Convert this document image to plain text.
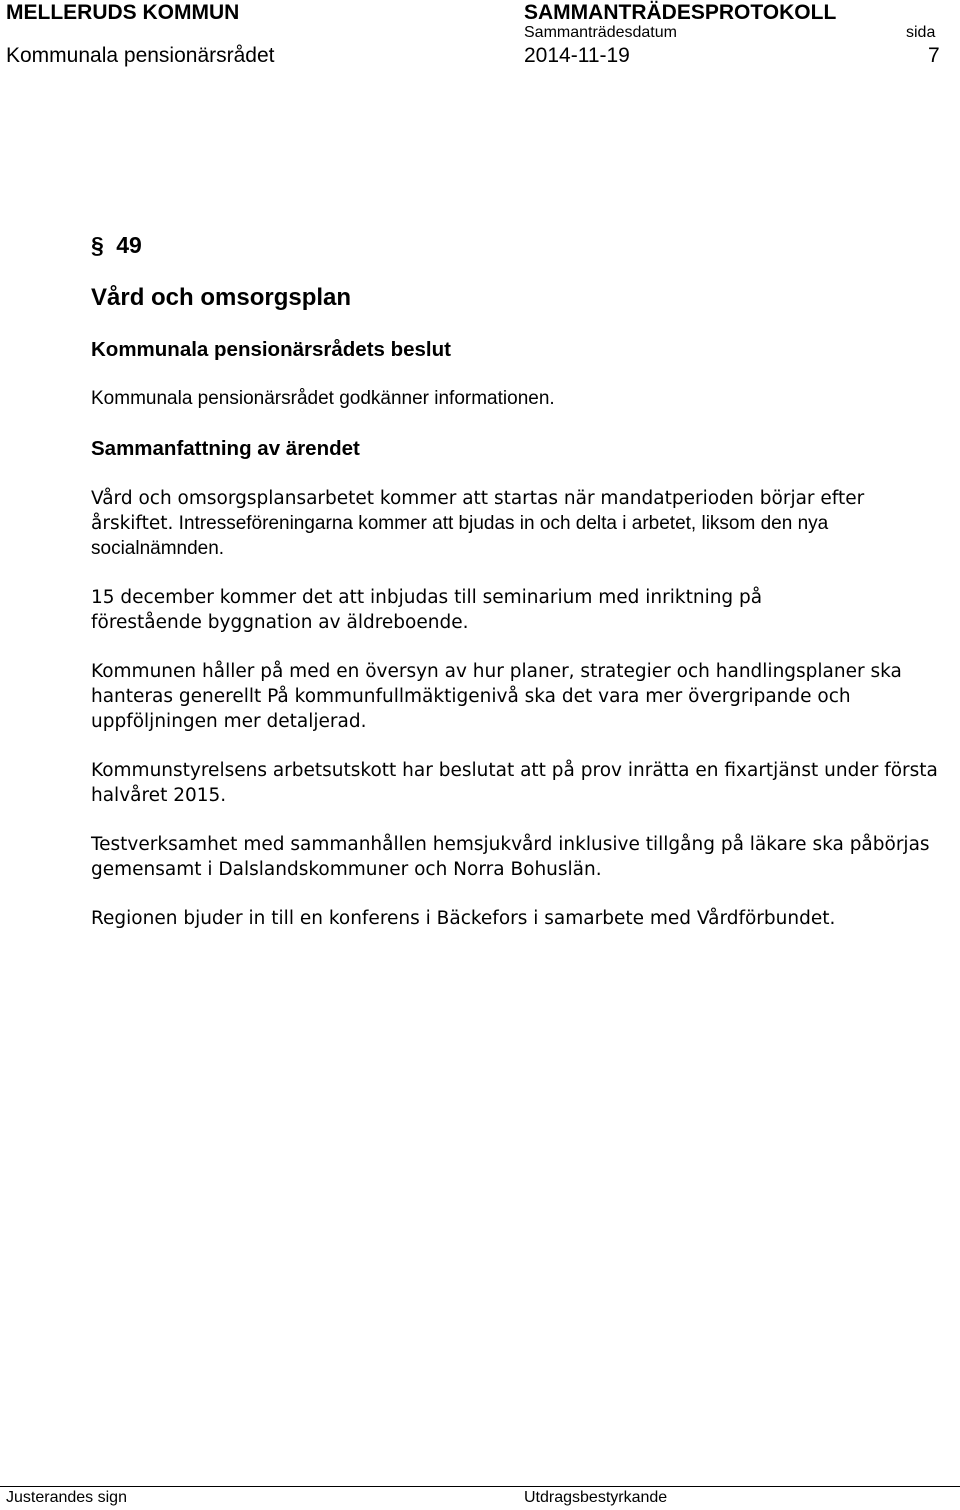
MELLERUDS KOMMUN
Kommunala pensionärsrådet
SAMMANTRÄDESPROTOKOLL
Sammanträdesdatum
2014-11-19
sida
7
§ 49
Vård och omsorgsplan
Kommunala pensionärsrådets beslut

Kommunala pensionärsrådet godkänner informationen.

Sammanfattning av ärendet

Vård och omsorgsplansarbetet kommer att startas när mandatperioden börjar efter
årskiftet. Intresseföreningarna kommer att bjudas in och delta i arbetet, liksom den nya socialnämnden.

15 december kommer det att inbjudas till seminarium med inriktning på förestående byggnation av äldreboende.

Kommunen håller på med en översyn av hur planer, strategier och handlingsplaner ska hanteras generellt På kommunfullmäktigenivå ska det vara mer övergripande och uppföljningen mer detaljerad.

Kommunstyrelsens arbetsutskott har beslutat att på prov inrätta en fixartjänst under första halvåret 2015.

Testverksamhet med sammanhållen hemsjukvård inklusive tillgång på läkare ska påbörjas gemensamt i Dalslandskommuner och Norra Bohuslän.

Regionen bjuder in till en konferens i Bäckefors i samarbete med Vårdförbundet.

Justerandes sign	Utdragsbestyrkande
